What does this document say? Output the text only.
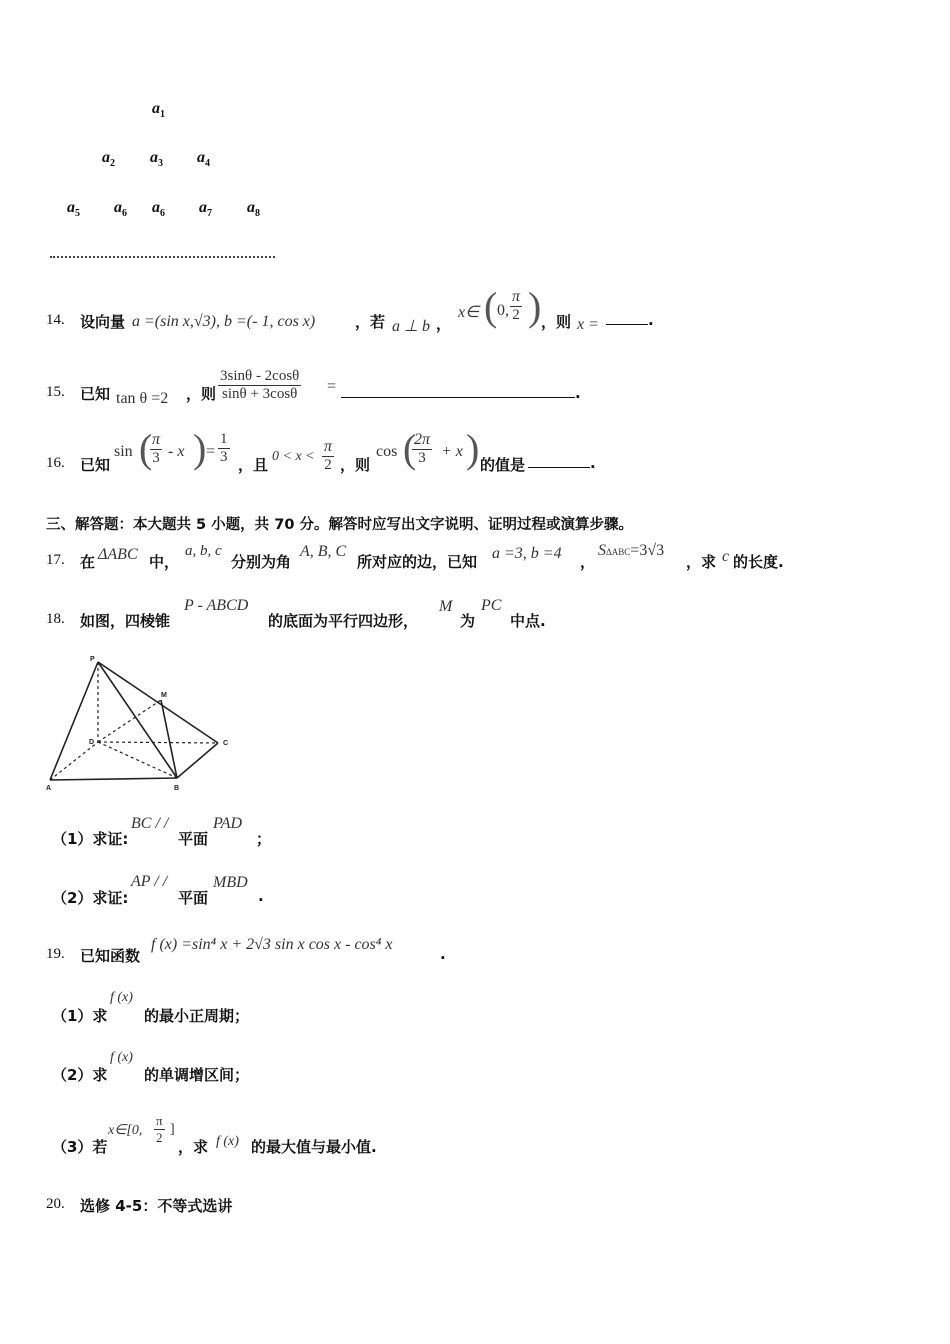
$a_1$
$a_2$ $a_3$ $a_4$
$a_5$ $a_6$ $a_6$ $a_7$ $a_8$
14. 设向量 a =(sin x,√3), b =(- 1, cos x)	，若 a ⊥ b ，
x∈ ( 0, $\frac{\pi}{2}$ ) ，则 x =	.
15. 已知 tan θ =2 ，则 $\frac{3\sin\theta - 2\cos\theta}{\sin\theta + 3\cos\theta}$ =	.
16. 已知
sin (
$\frac{\pi}{3}$ - x ) = $\frac{1}{3}$ ，且 $0 < x < \frac{\pi}{2}$ ，则
cos (
$\frac{2\pi}{3} + x$ ) 的值是	.
三、解答题：本大题共 5 小题，共 70 分。解答时应写出文字说明、证明过程或演算步骤。
17. 在 ΔABC 中，
a, b, c
分别为角
A, B, C
所对应的边，已知 a =3, b =4 ，
SΔABC=3√3
，求 c 的长度.
18. 如图，四棱锥
P - ABCD
的底面为平行四边形，
M
为
PC
中点.
P
M
D	C
A	B
（1）求证:
BC / /
平面
PAD
；
（2）求证:
AP / /
平面
MBD
.
19. 已知函数
f (x) =sin⁴ x + 2√3 sin x cos x - cos⁴ x
.
（1）求
f (x)
的最小正周期；
（2）求
f (x)
的单调增区间；
（3）若
x∈[0, $\frac{\pi}{2}$ ]
，求 f (x) 的最大值与最小值.
20. 选修 4-5：不等式选讲
